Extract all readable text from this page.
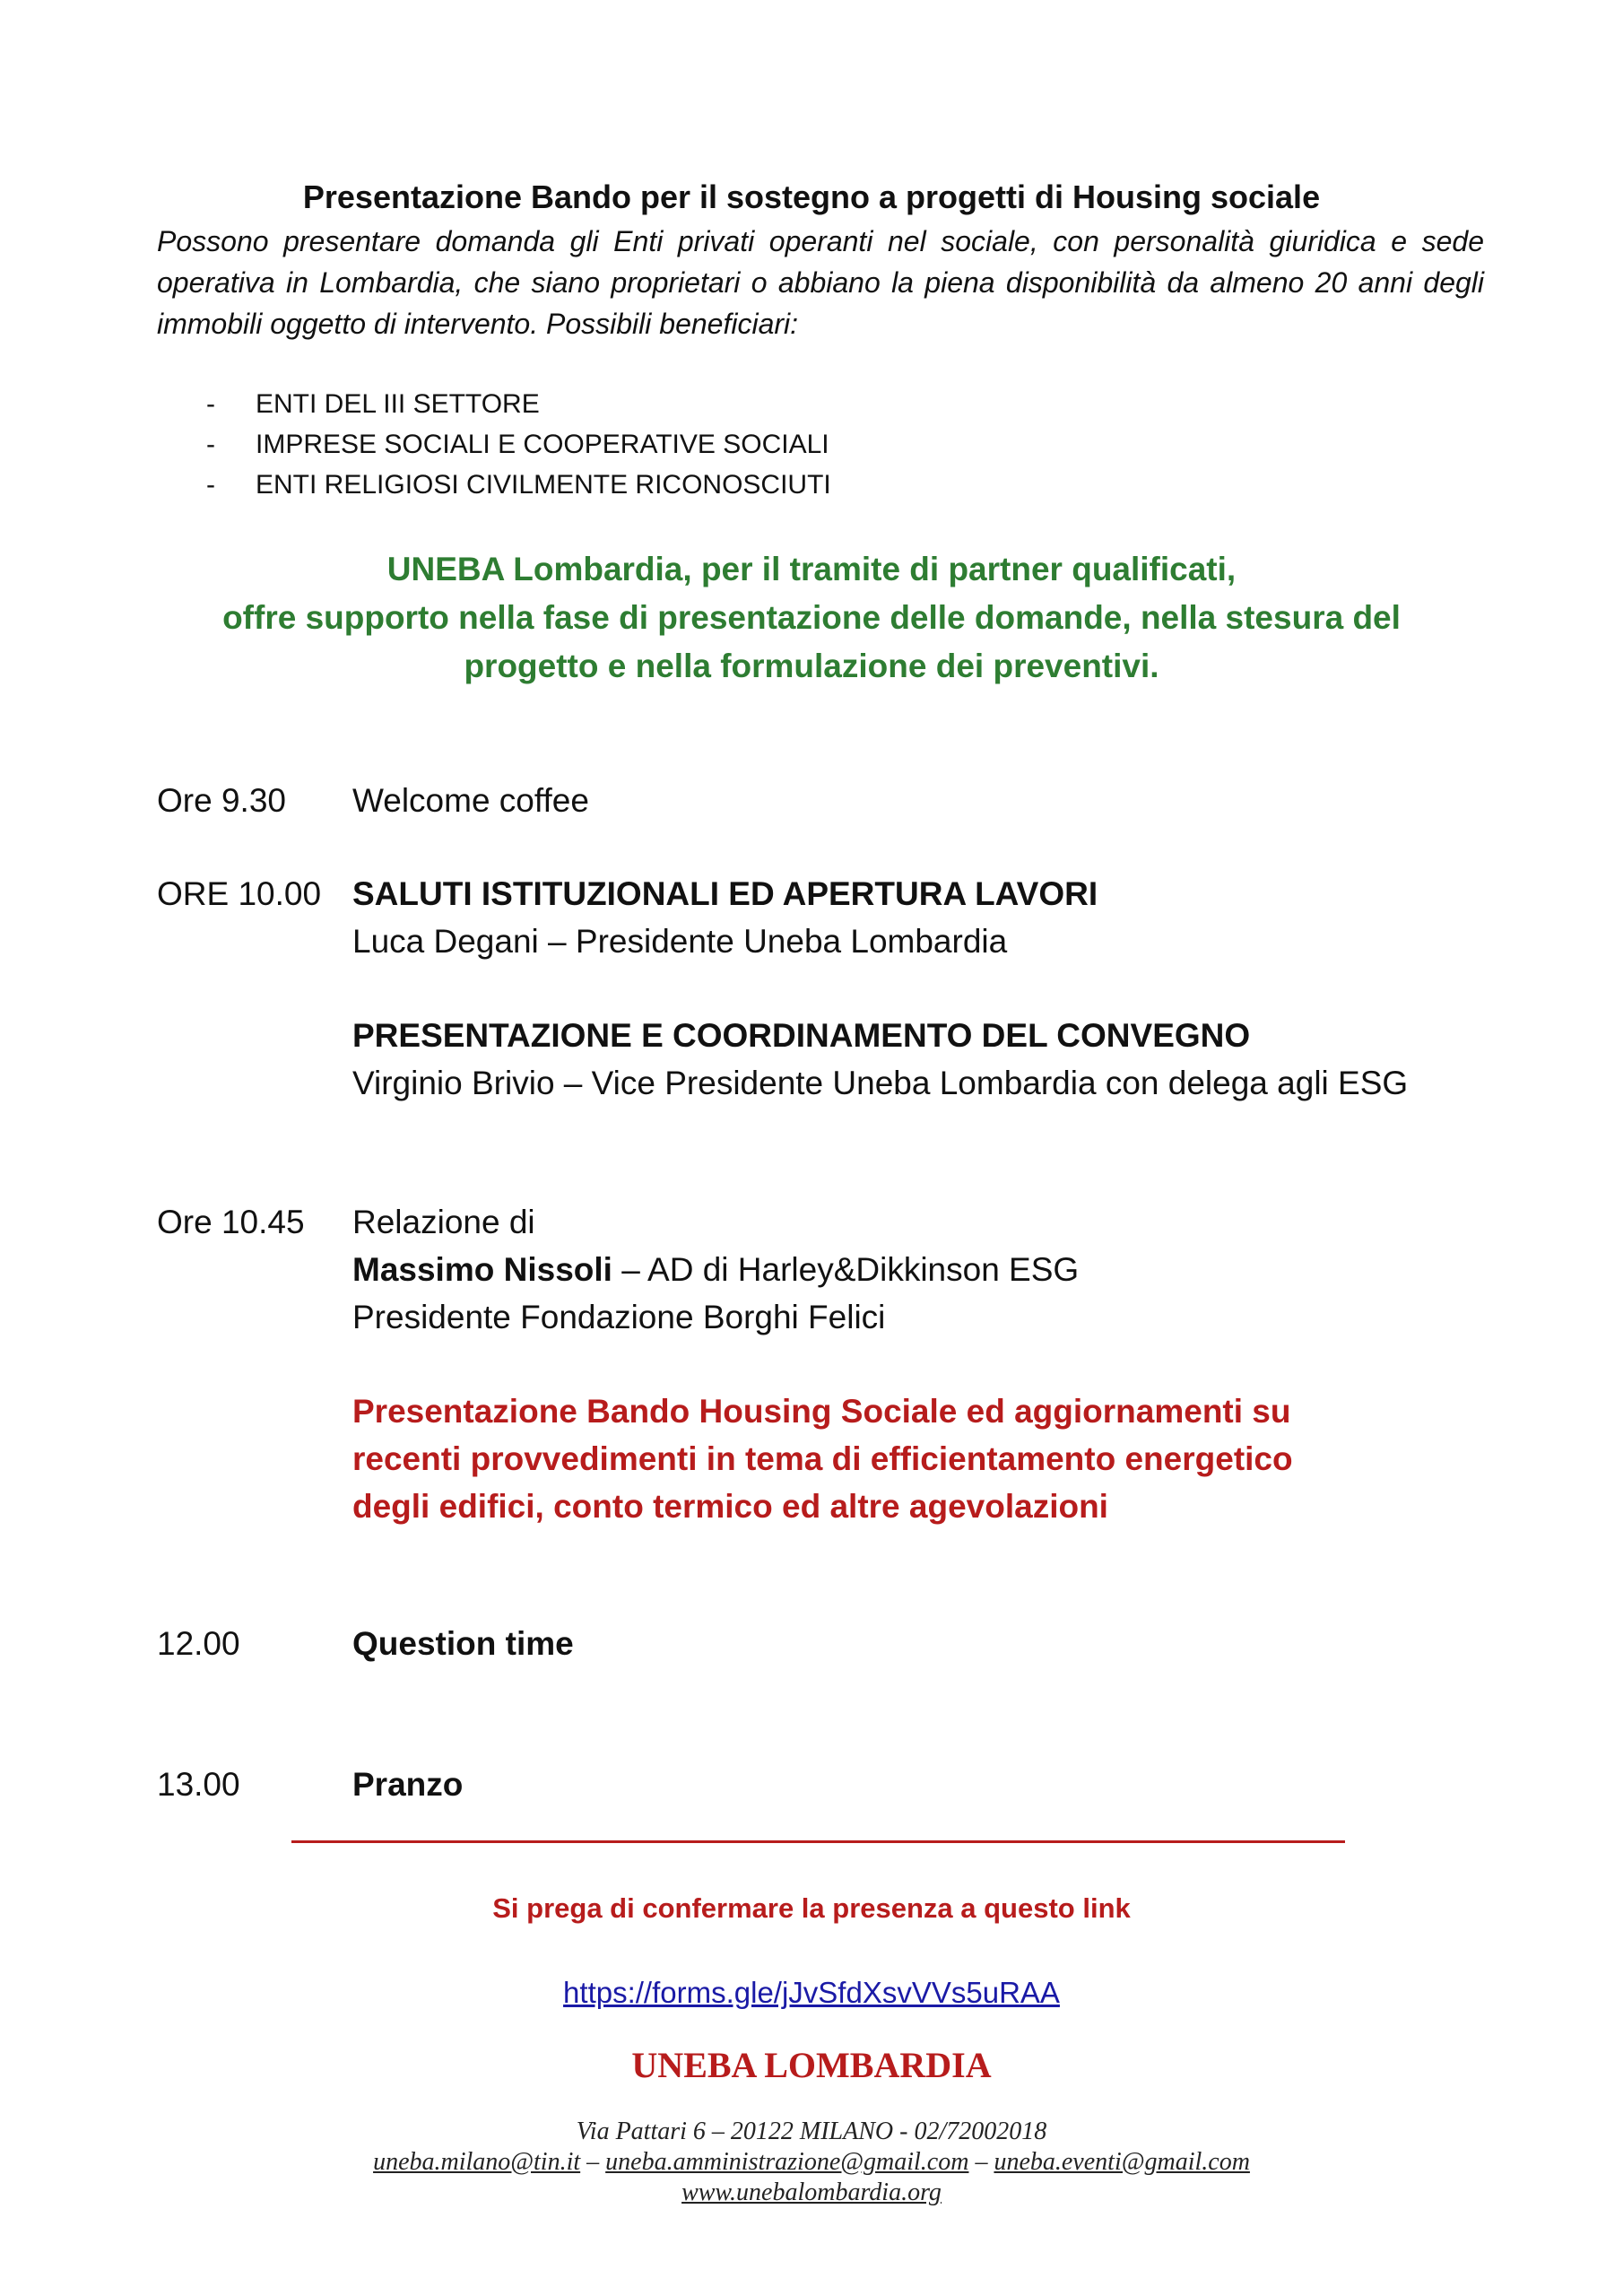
Presentazione Bando per il sostegno a progetti di Housing sociale
Possono presentare domanda gli Enti privati operanti nel sociale, con personalità giuridica e sede operativa in Lombardia, che siano proprietari o abbiano la piena disponibilità da almeno 20 anni degli immobili oggetto di intervento. Possibili beneficiari:
-	ENTI DEL III SETTORE
-	IMPRESE SOCIALI E COOPERATIVE SOCIALI
-	ENTI RELIGIOSI CIVILMENTE RICONOSCIUTI
UNEBA Lombardia, per il tramite di partner qualificati,
offre supporto nella fase di presentazione delle domande, nella stesura del
progetto e nella formulazione dei preventivi.
Ore 9.30 Welcome coffee
ORE 10.00 SALUTI ISTITUZIONALI ED APERTURA LAVORI
Luca Degani – Presidente Uneba Lombardia
PRESENTAZIONE E COORDINAMENTO DEL CONVEGNO
Virginio Brivio – Vice Presidente Uneba Lombardia con delega agli ESG
Ore 10.45 Relazione di
Massimo Nissoli – AD di Harley&Dikkinson ESG
Presidente Fondazione Borghi Felici
Presentazione Bando Housing Sociale ed aggiornamenti su
recenti provvedimenti in tema di efficientamento energetico
degli edifici, conto termico ed altre agevolazioni
12.00	Question time
13.00	Pranzo
Si prega di confermare la presenza a questo link
https://forms.gle/jJvSfdXsvVVs5uRAA
UNEBA LOMBARDIA
Via Pattari 6 – 20122 MILANO - 02/72002018
uneba.milano@tin.it – uneba.amministrazione@gmail.com – uneba.eventi@gmail.com
www.unebalombardia.org
